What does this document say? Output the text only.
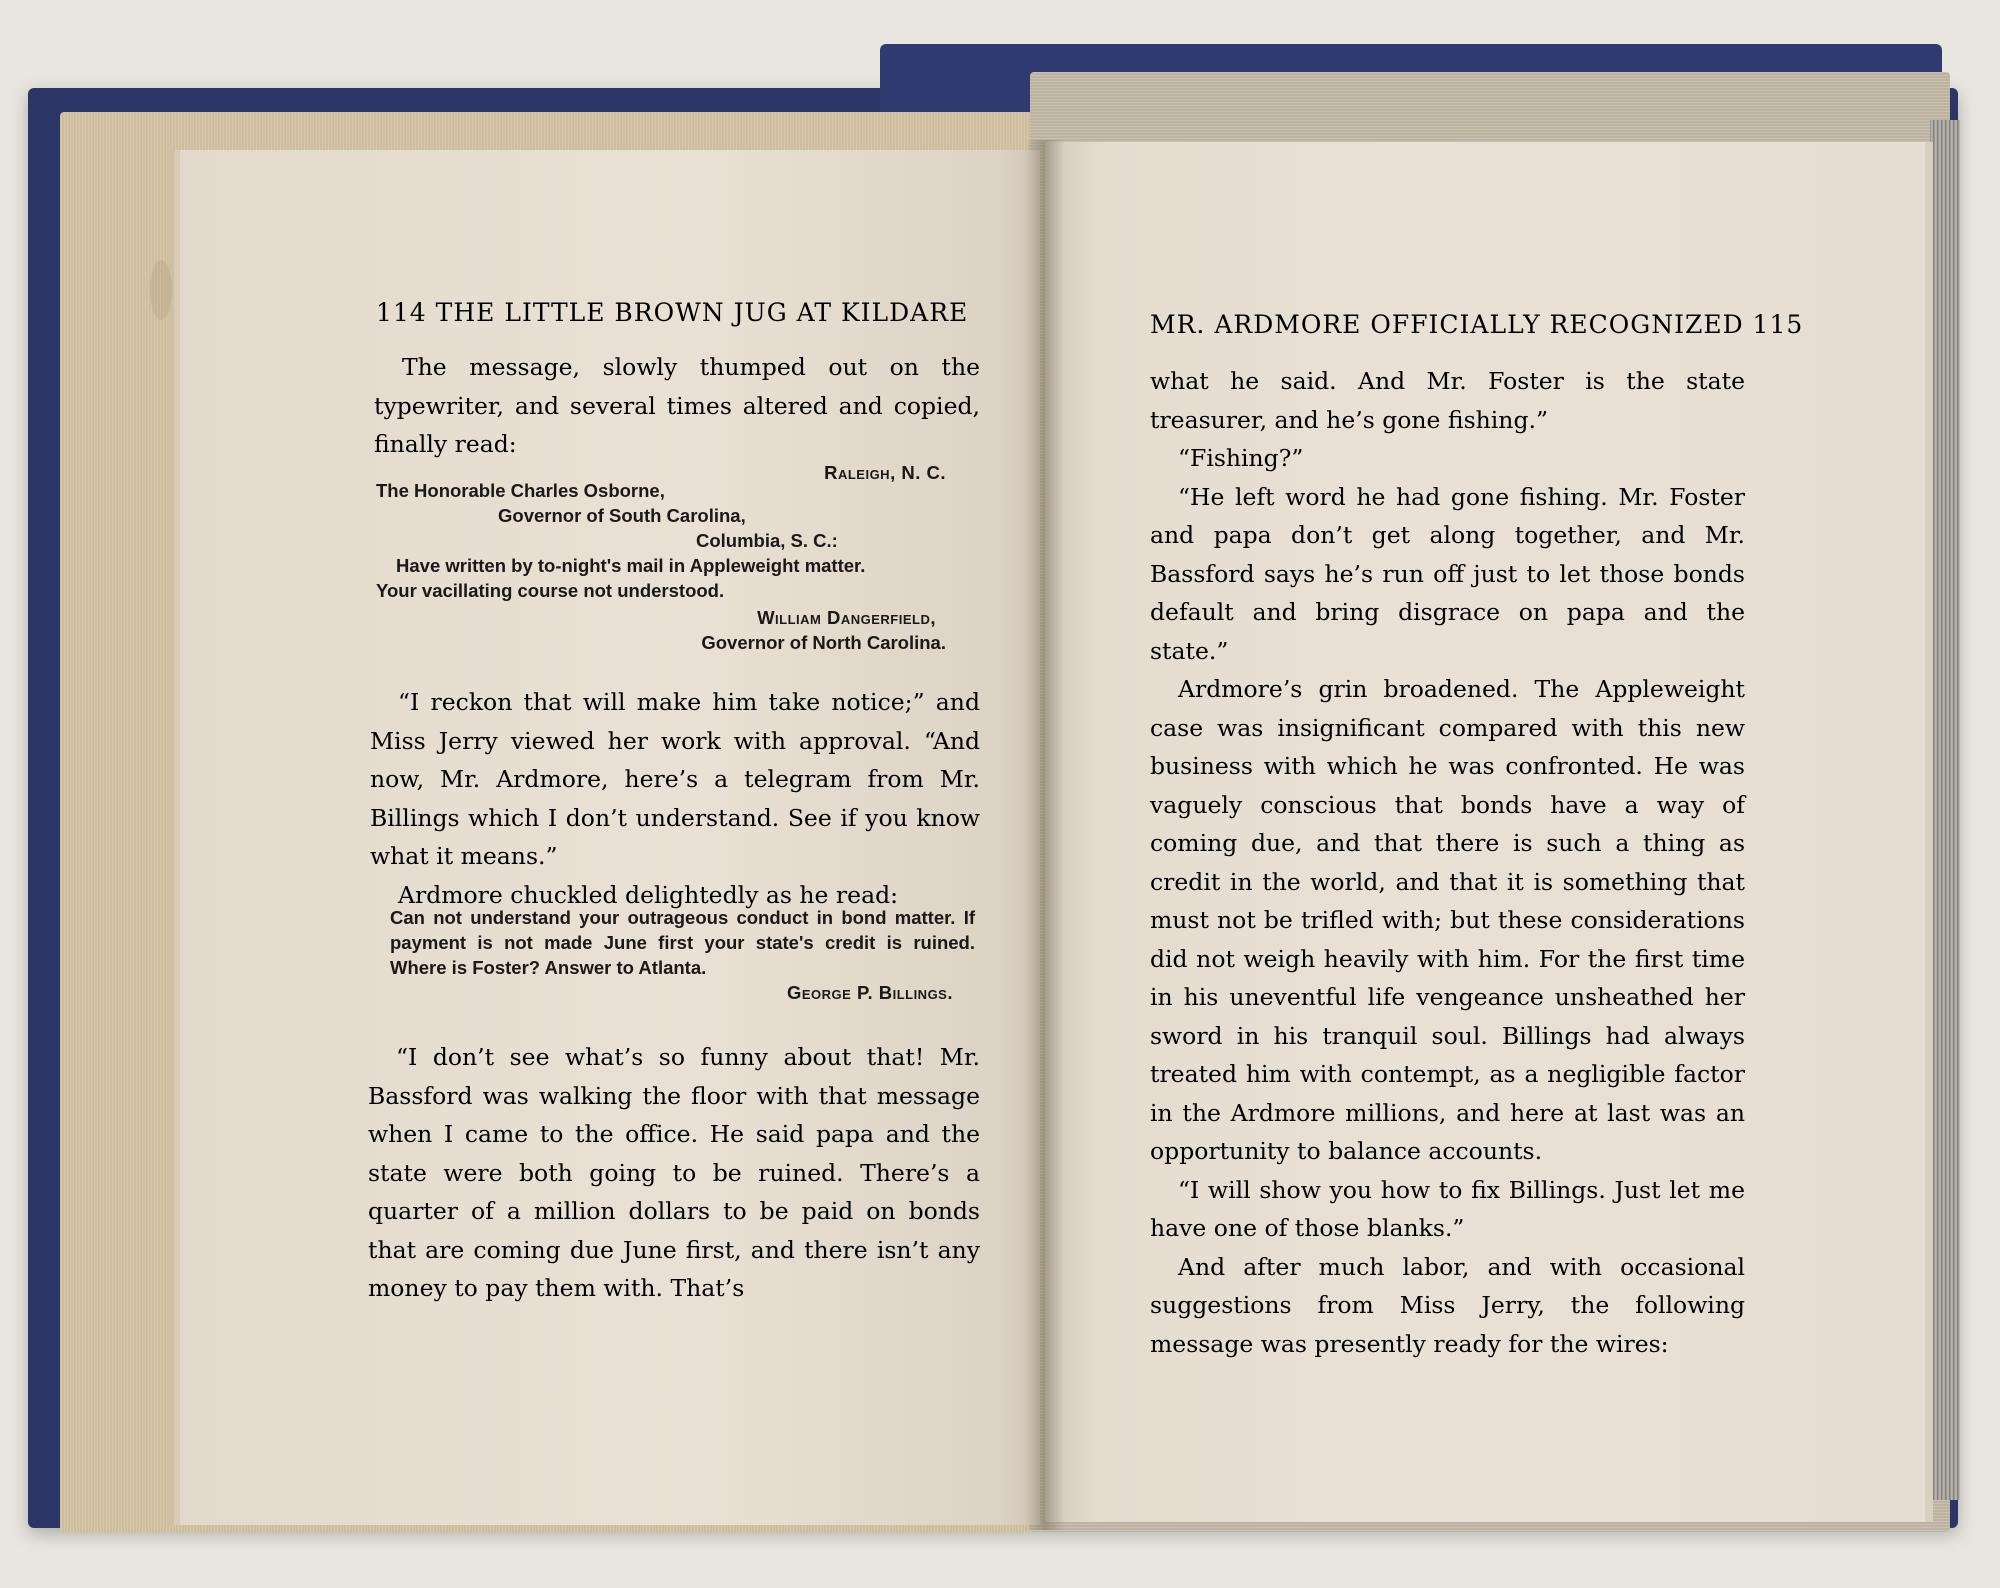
114 THE LITTLE BROWN JUG AT KILDARE

The message, slowly thumped out on the typewriter, and several times altered and copied, finally read:

Raleigh, N. C.
The Honorable Charles Osborne,
Governor of South Carolina,
Columbia, S. C.:
Have written by to-night's mail in Appleweight matter.
Your vacillating course not understood.
William Dangerfield,
Governor of North Carolina.

“I reckon that will make him take notice;” and Miss Jerry viewed her work with approval. “And now, Mr. Ardmore, here’s a telegram from Mr. Billings which I don’t understand. See if you know what it means.”

Ardmore chuckled delightedly as he read:

Can not understand your outrageous conduct in bond matter. If payment is not made June first your state's credit is ruined. Where is Foster? Answer to Atlanta.

George P. Billings.

“I don’t see what’s so funny about that! Mr. Bassford was walking the floor with that message when I came to the office. He said papa and the state were both going to be ruined. There’s a quarter of a million dollars to be paid on bonds that are coming due June first, and there isn’t any money to pay them with. That’s

MR. ARDMORE OFFICIALLY RECOGNIZED 115

what he said. And Mr. Foster is the state treasurer, and he’s gone fishing.”

“Fishing?”

“He left word he had gone fishing. Mr. Foster and papa don’t get along together, and Mr. Bassford says he’s run off just to let those bonds default and bring disgrace on papa and the state.”

Ardmore’s grin broadened. The Appleweight case was insignificant compared with this new business with which he was confronted. He was vaguely conscious that bonds have a way of coming due, and that there is such a thing as credit in the world, and that it is something that must not be trifled with; but these considerations did not weigh heavily with him. For the first time in his uneventful life vengeance unsheathed her sword in his tranquil soul. Billings had always treated him with contempt, as a negligible factor in the Ardmore millions, and here at last was an opportunity to balance accounts.

“I will show you how to fix Billings. Just let me have one of those blanks.”

And after much labor, and with occasional suggestions from Miss Jerry, the following message was presently ready for the wires:
